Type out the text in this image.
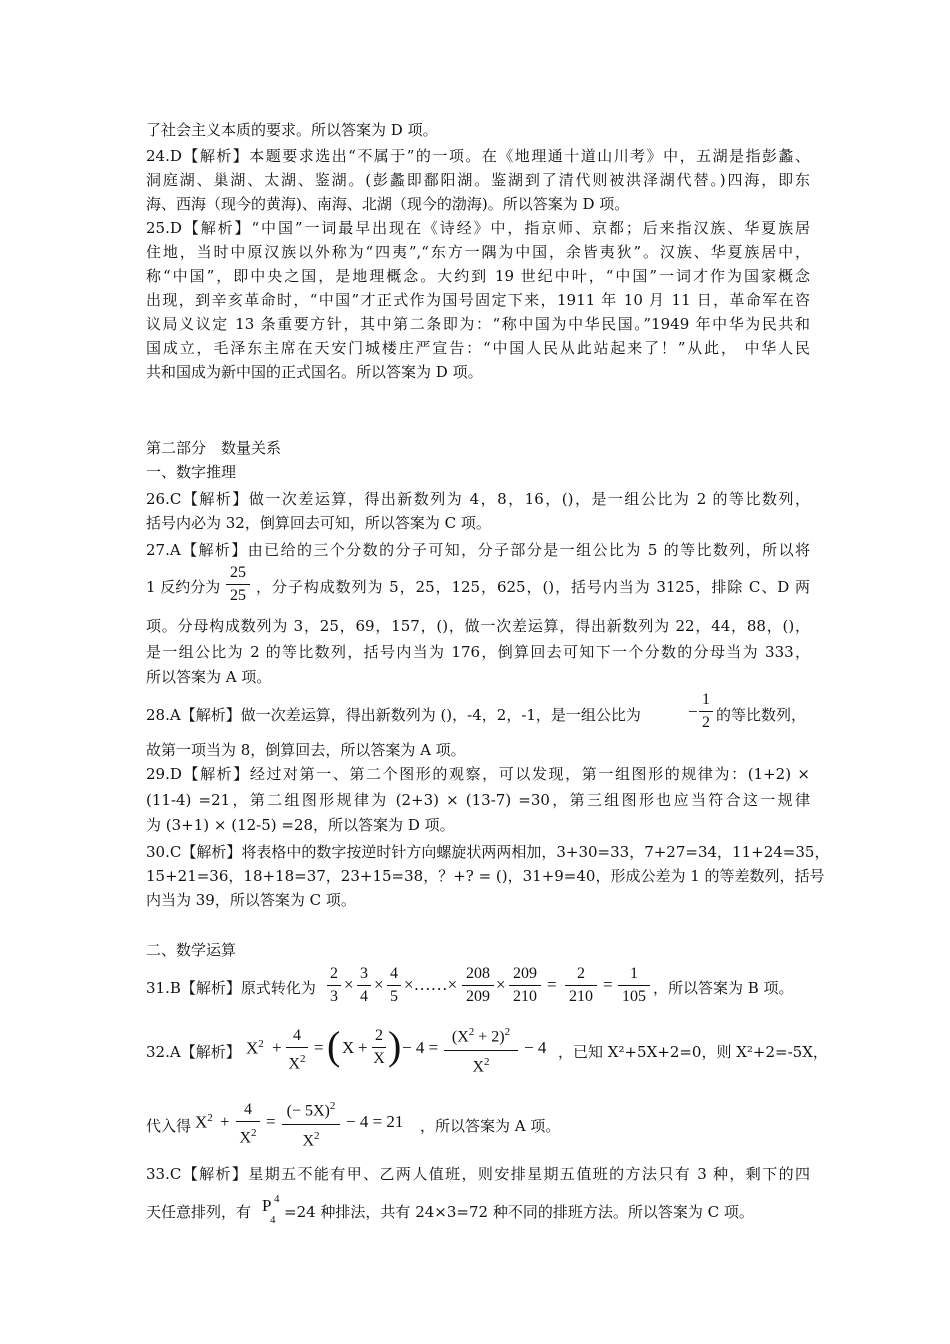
了社会主义本质的要求。所以答案为 D 项。
24.D【解析】本题要求选出“不属于”的一项。在《地理通十道山川考》中，五湖是指彭蠡、
洞庭湖、巢湖、太湖、鉴湖。(彭蠡即鄱阳湖。鉴湖到了清代则被洪泽湖代替。)四海，即东
海、西海（现今的黄海)、南海、北湖（现今的渤海)。所以答案为 D 项。
25.D【解析】“中国”一词最早出现在《诗经》中，指京师、京都；后来指汉族、华夏族居
住地，当时中原汉族以外称为“四夷”,“东方一隅为中国，余皆夷狄”。汉族、华夏族居中，
称“中国”，即中央之国，是地理概念。大约到 19 世纪中叶，“中国”一词才作为国家概念
出现，到辛亥革命时，“中国”才正式作为国号固定下来，1911 年 10 月 11 日，革命军在咨
议局义议定 13 条重要方针，其中第二条即为：“称中国为中华民国。”1949 年中华为民共和
国成立，毛泽东主席在天安门城楼庄严宣告：“中国人民从此站起来了！”从此， 中华人民
共和国成为新中国的正式国名。所以答案为 D 项。
第二部分　数量关系
一、数字推理
26.C【解析】做一次差运算，得出新数列为 4，8，16，()，是一组公比为 2 的等比数列，
括号内必为 32，倒算回去可知，所以答案为 C 项。
27.A【解析】由已给的三个分数的分子可知，分子部分是一组公比为 5 的等比数列，所以将
1 反约分为
25
25 ，分子构成数列为 5，25，125，625，()，括号内当为 3125，排除 C、D 两
项。分母构成数列为 3，25，69，157，()，做一次差运算，得出新数列为 22，44，88，()，
是一组公比为 2 的等比数列，括号内当为 176，倒算回去可知下一个分数的分母当为 333，
所以答案为 A 项。
28.A【解析】做一次差运算，得出新数列为 ()，-4，2，-1，是一组公比为	−
1
2 的等比数列，
故第一项当为 8，倒算回去，所以答案为 A 项。
29.D【解析】经过对第一、第二个图形的观察，可以发现，第一组图形的规律为：(1+2) ×
(11-4) =21，第二组图形规律为 (2+3) × (13-7) =30，第三组图形也应当符合这一规律
为 (3+1) × (12-5) =28，所以答案为 D 项。
30.C【解析】将表格中的数字按逆时针方向螺旋状两两相加，3+30=33，7+27=34，11+24=35，
15+21=36，18+18=37，23+15=38，？+? = ()，31+9=40，形成公差为 1 的等差数列，括号
内当为 39，所以答案为 C 项。
二、数学运算
31.B【解析】原式转化为
2
3
×
3
4
×
4
5
×……×
208
209
×
209
210
=
2
210
=
1
105 ，所以答案为 B 项。
32.A【解析】 $X^2$ +
4
$X^2$
= ( X +
2
X ) − 4 =
$(X^2 + 2)^2$
$X^2$
− 4 ，已知 X²+5X+2=0，则 X²+2=-5X，
代入得 $X^2$ +
4
$X^2$
=
(− 5X)$^2$
$X^2$
− 4 = 21 ，所以答案为 A 项。
33.C【解析】星期五不能有甲、乙两人值班，则安排星期五值班的方法只有 3 种，剩下的四
天任意排列，有 P 4
4 =24 种排法，共有 24×3=72 种不同的排班方法。所以答案为 C 项。
